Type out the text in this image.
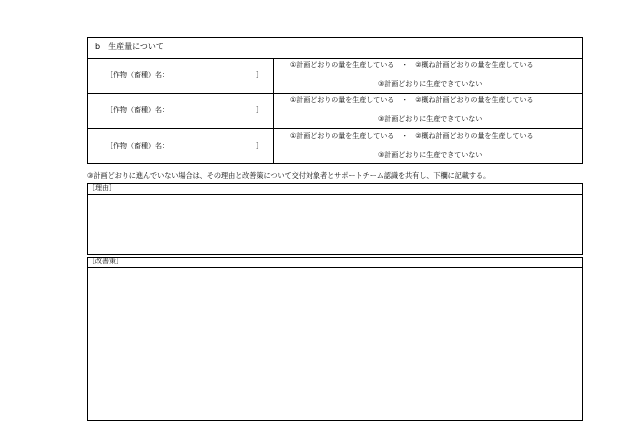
b　生産量について
［作物（畜種）名：	］
①計画どおりの量を生産している　・　②概ね計画どおりの量を生産している
③計画どおりに生産できていない
［作物（畜種）名：	］
①計画どおりの量を生産している　・　②概ね計画どおりの量を生産している
③計画どおりに生産できていない
［作物（畜種）名：	］
①計画どおりの量を生産している　・　②概ね計画どおりの量を生産している
③計画どおりに生産できていない
③計画どおりに進んでいない場合は、その理由と改善策について交付対象者とサポートチーム認識を共有し、下欄に記載する。
［理由］
［改善策］
